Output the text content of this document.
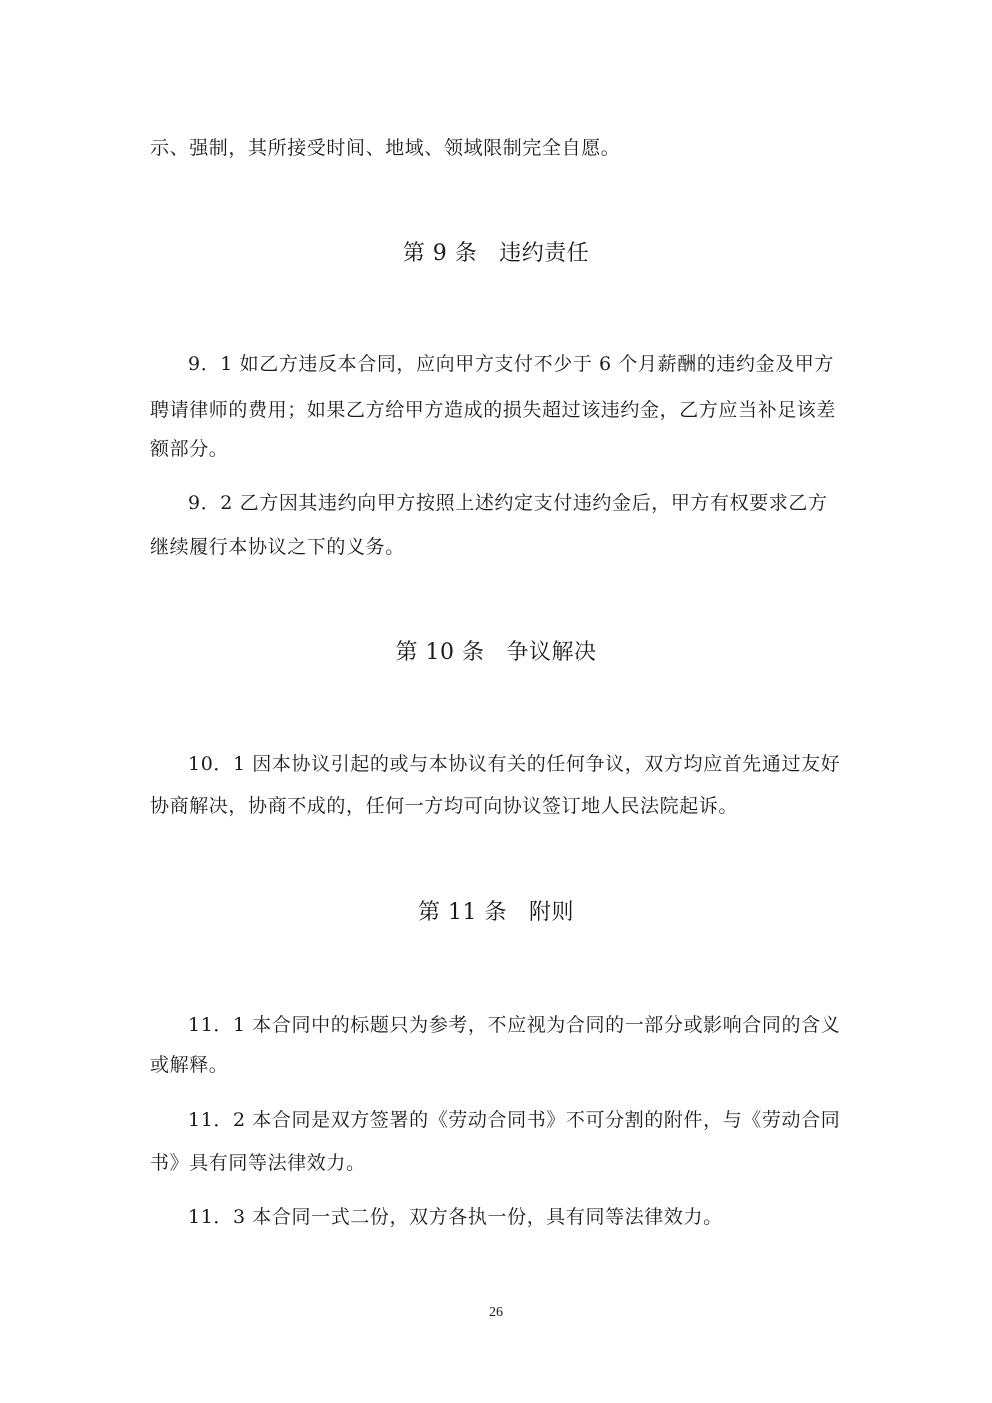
示、强制，其所接受时间、地域、领域限制完全自愿。
第 9 条 违约责任
9．1 如乙方违反本合同，应向甲方支付不少于 6 个月薪酬的违约金及甲方
聘请律师的费用；如果乙方给甲方造成的损失超过该违约金，乙方应当补足该差
额部分。
9．2 乙方因其违约向甲方按照上述约定支付违约金后，甲方有权要求乙方
继续履行本协议之下的义务。
第 10 条 争议解决
10．1 因本协议引起的或与本协议有关的任何争议，双方均应首先通过友好
协商解决，协商不成的，任何一方均可向协议签订地人民法院起诉。
第 11 条 附则
11．1 本合同中的标题只为参考，不应视为合同的一部分或影响合同的含义
或解释。
11．2 本合同是双方签署的《劳动合同书》不可分割的附件，与《劳动合同
书》具有同等法律效力。
11．3 本合同一式二份，双方各执一份，具有同等法律效力。
26
